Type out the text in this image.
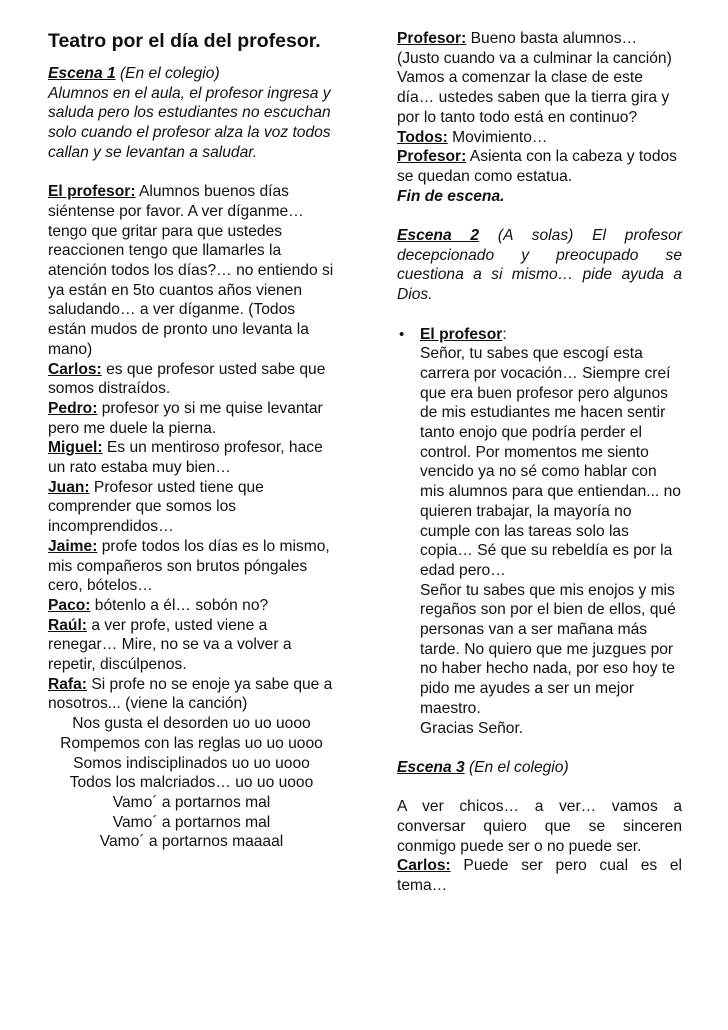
Teatro por el día del profesor.

Escena 1 (En el colegio)

Alumnos en el aula, el profesor ingresa y saluda pero los estudiantes no escuchan solo cuando el profesor alza la voz todos callan y se levantan a saludar.

El profesor: Alumnos buenos días siéntense por favor. A ver díganme… tengo que gritar para que ustedes reaccionen tengo que llamarles la atención todos los días?… no entiendo si ya están en 5to cuantos años vienen saludando… a ver díganme. (Todos están mudos de pronto uno levanta la mano)

Carlos: es que profesor usted sabe que somos distraídos.

Pedro: profesor yo si me quise levantar pero me duele la pierna.

Miguel: Es un mentiroso profesor, hace un rato estaba muy bien…

Juan: Profesor usted tiene que comprender que somos los incomprendidos…

Jaime: profe todos los días es lo mismo, mis compañeros son brutos póngales cero, bótelos…

Paco: bótenlo a él… sobón no?

Raúl: a ver profe, usted viene a renegar… Mire, no se va a volver a repetir, discúlpenos.

Rafa: Si profe no se enoje ya sabe que a nosotros... (viene la canción)

Nos gusta el desorden uo uo uooo

Rompemos con las reglas uo uo uooo

Somos indisciplinados uo uo uooo

Todos los malcriados… uo uo uooo

Vamo´ a portarnos mal

Vamo´ a portarnos mal

Vamo´ a portarnos maaaal

Profesor: Bueno basta alumnos… (Justo cuando va a culminar la canción) Vamos a comenzar la clase de este día… ustedes saben que la tierra gira y por lo tanto todo está en continuo?

Todos: Movimiento…

Profesor: Asienta con la cabeza y todos se quedan como estatua.

Fin de escena.

Escena 2 (A solas) El profesor decepcionado y preocupado se cuestiona a si mismo… pide ayuda a Dios.

• El profesor:

Señor, tu sabes que escogí esta carrera por vocación… Siempre creí que era buen profesor pero algunos de mis estudiantes me hacen sentir tanto enojo que podría perder el control. Por momentos me siento vencido ya no sé como hablar con mis alumnos para que entiendan... no quieren trabajar, la mayoría no cumple con las tareas solo las copia… Sé que su rebeldía es por la edad pero…

Señor tu sabes que mis enojos y mis regaños son por el bien de ellos, qué personas van a ser mañana más tarde. No quiero que me juzgues por no haber hecho nada, por eso hoy te pido me ayudes a ser un mejor maestro.

Gracias Señor.

Escena 3 (En el colegio)

A ver chicos… a ver… vamos a conversar quiero que se sinceren conmigo puede ser o no puede ser.

Carlos: Puede ser pero cual es el tema…
